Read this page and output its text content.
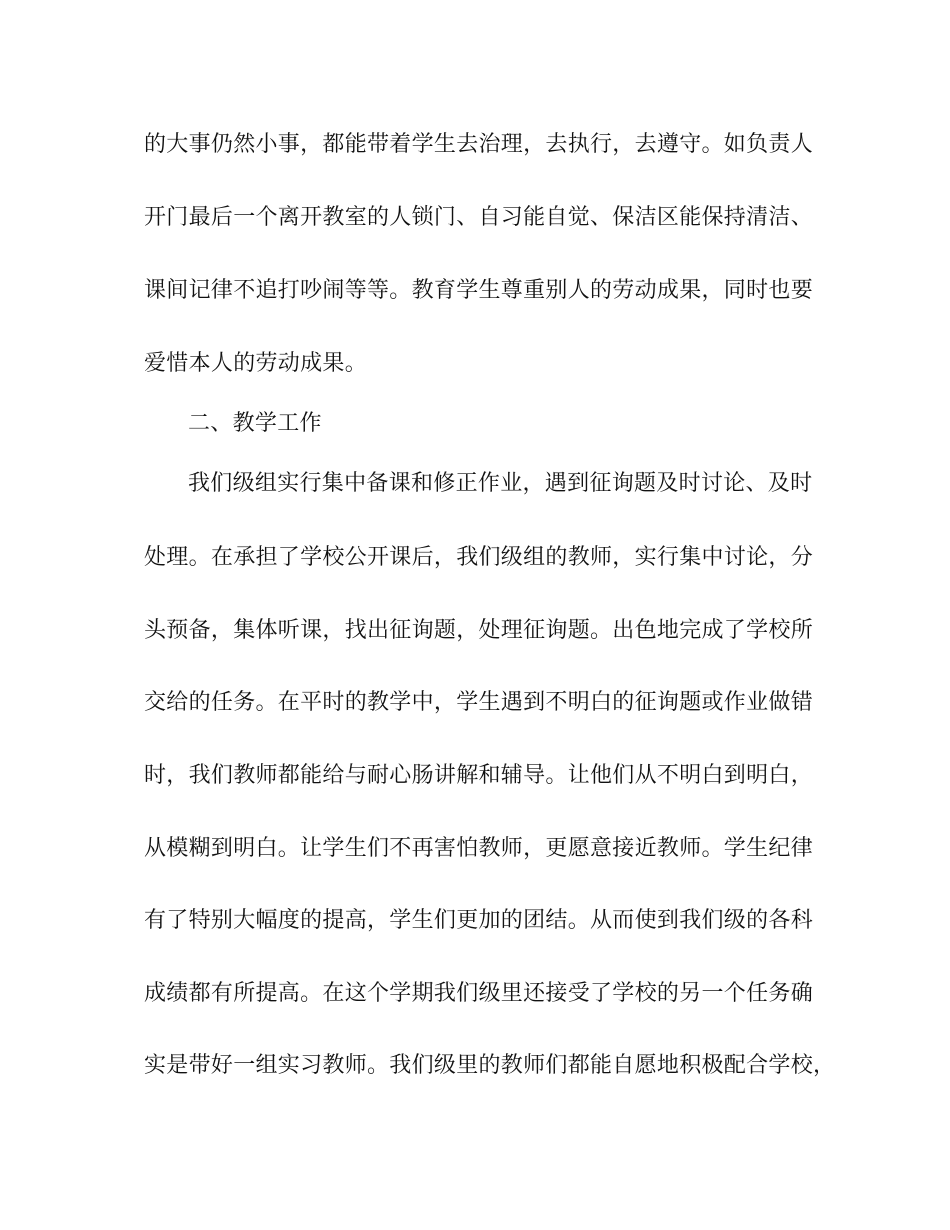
的大事仍然小事，都能带着学生去治理，去执行，去遵守。如负责人
开门最后一个离开教室的人锁门、自习能自觉、保洁区能保持清洁、
课间记律不追打吵闹等等。教育学生尊重别人的劳动成果，同时也要
爱惜本人的劳动成果。
二、教学工作
我们级组实行集中备课和修正作业，遇到征询题及时讨论、及时
处理。在承担了学校公开课后，我们级组的教师，实行集中讨论，分
头预备，集体听课，找出征询题，处理征询题。出色地完成了学校所
交给的任务。在平时的教学中，学生遇到不明白的征询题或作业做错
时，我们教师都能给与耐心肠讲解和辅导。让他们从不明白到明白，
从模糊到明白。让学生们不再害怕教师，更愿意接近教师。学生纪律
有了特别大幅度的提高，学生们更加的团结。从而使到我们级的各科
成绩都有所提高。在这个学期我们级里还接受了学校的另一个任务确
实是带好一组实习教师。我们级里的教师们都能自愿地积极配合学校，
